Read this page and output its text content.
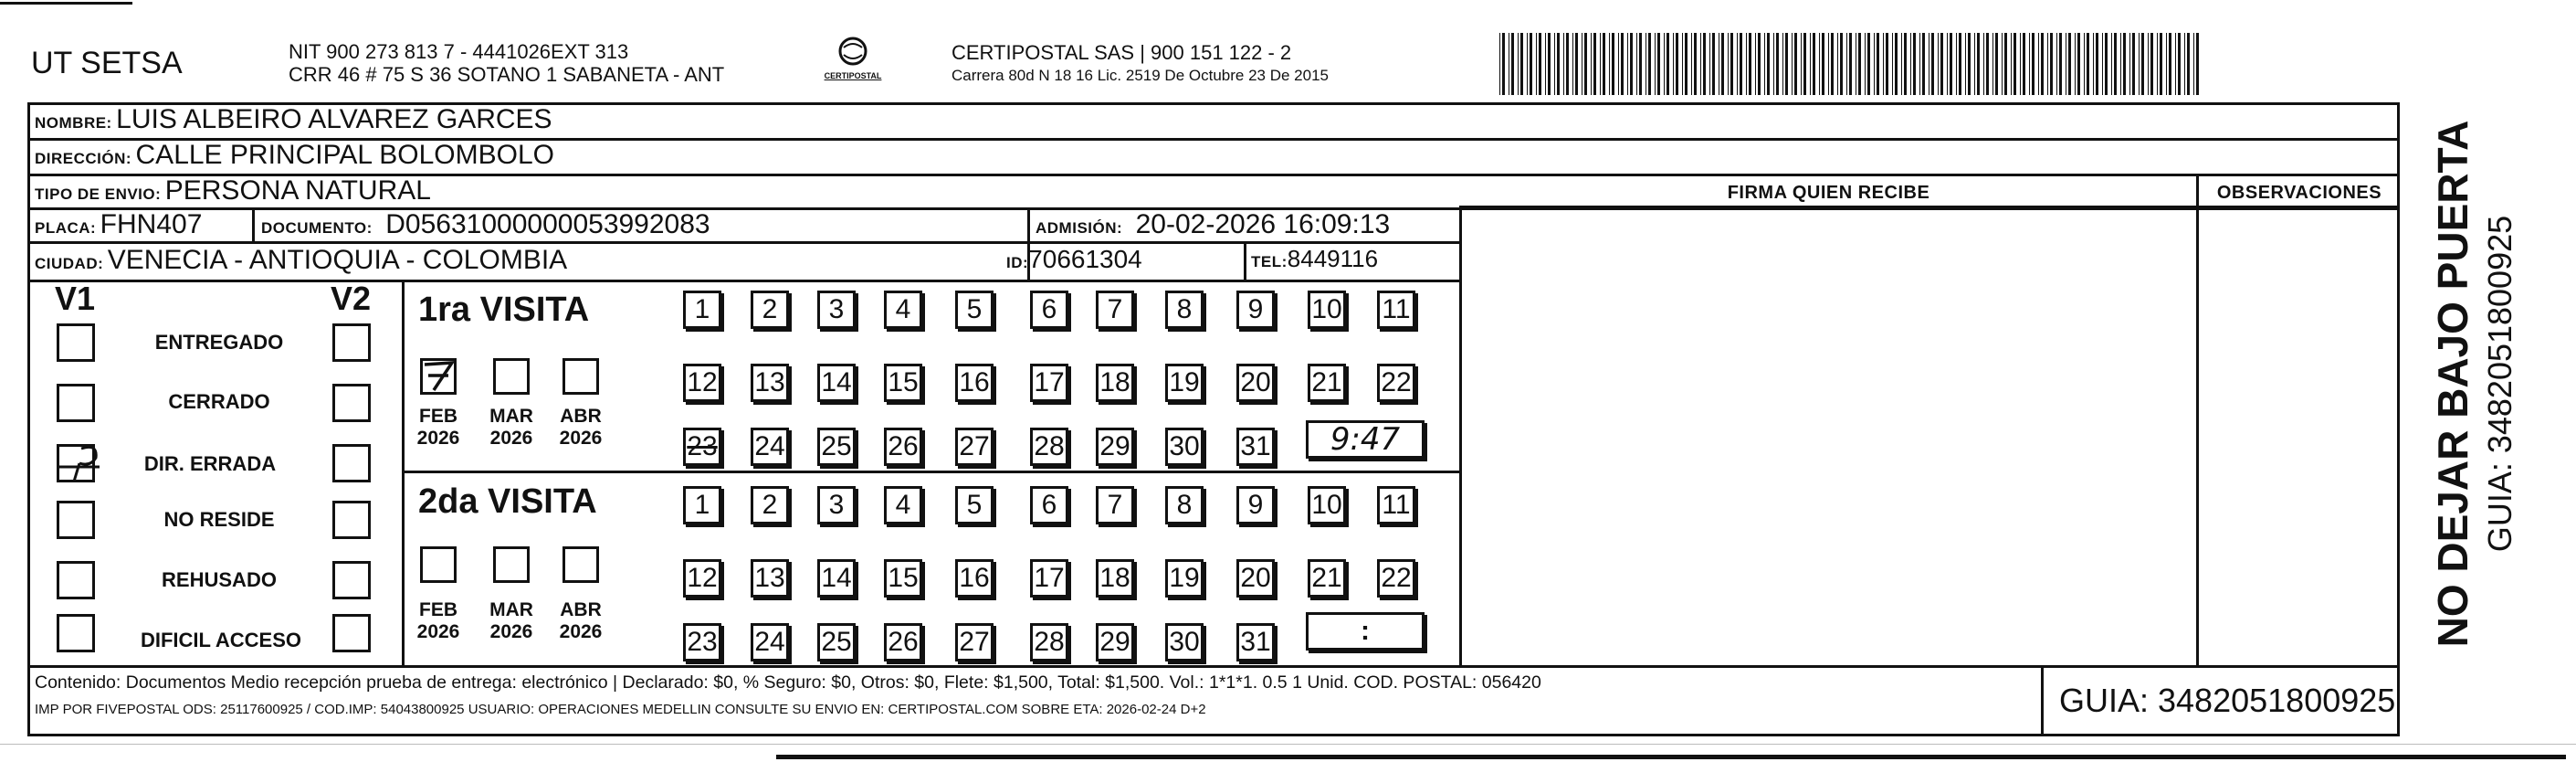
UT SETSA	NIT 900 273 813 7 - 4441026EXT 313
CRR 46 # 75 S 36 SOTANO 1 SABANETA - ANT	CERTIPOSTAL
CERTIPOSTAL SAS | 900 151 122 - 2
Carrera 80d N 18 16 Lic. 2519 De Octubre 23 De 2015
NOMBRE: LUIS ALBEIRO ALVAREZ GARCES
DIRECCIÓN: CALLE PRINCIPAL BOLOMBOLO
TIPO DE ENVIO: PERSONA NATURAL	FIRMA QUIEN RECIBE	OBSERVACIONES
PLACA: FHN407	DOCUMENTO: D05631000000053992083	ADMISIÓN: 20-02-2026 16:09:13
CIUDAD: VENECIA - ANTIOQUIA - COLOMBIA	ID:70661304	TEL:8449116
V1	V2
ENTREGADO
CERRADO
DIR. ERRADA
NO RESIDE
REHUSADO
DIFICIL ACCESO
1ra VISITA
FEB
2026
MAR
2026
ABR
2026
1	2	3	4	5	6	7	8	9	10 11
12 13 14 15 16 17 18 19 20 21 22
23 24 25 26 27 28 29 30 31	9:47
2da VISITA
FEB
2026
MAR
2026
ABR
2026
1	2	3	4	5	6	7	8	9	10 11
12 13 14 15 16 17 18 19 20 21 22
23 24 25 26 27 28 29 30 31	:
Contenido: Documentos Medio recepción prueba de entrega: electrónico | Declarado: $0, % Seguro: $0, Otros: $0, Flete: $1,500, Total: $1,500. Vol.: 1*1*1. 0.5 1 Unid. COD. POSTAL: 056420
IMP POR FIVEPOSTAL ODS: 25117600925 / COD.IMP: 54043800925 USUARIO: OPERACIONES MEDELLIN CONSULTE SU ENVIO EN: CERTIPOSTAL.COM SOBRE ETA: 2026-02-24 D+2	GUIA: 3482051800925
NO DEJAR BAJO PUERTA GUIA: 3482051800925
